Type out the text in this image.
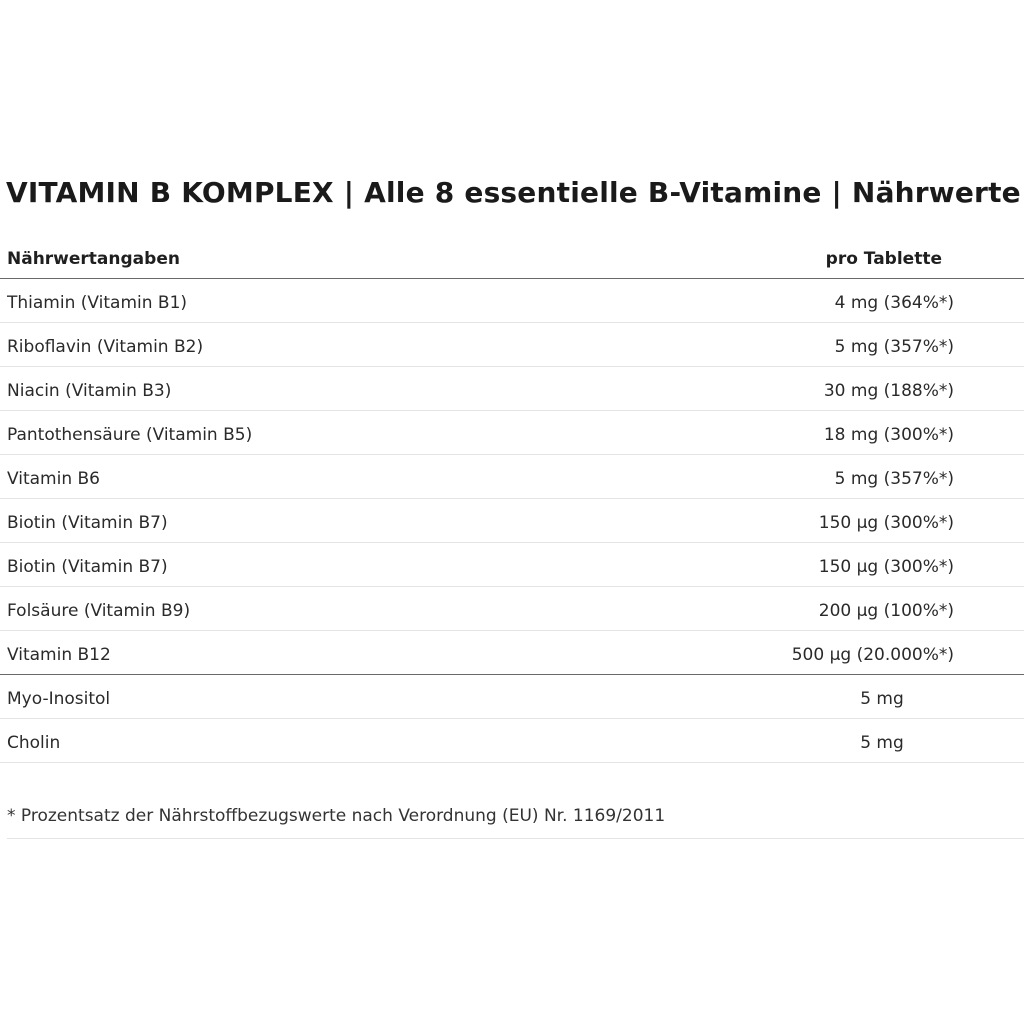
VITAMIN B KOMPLEX | Alle 8 essentielle B-Vitamine | Nährwerte
Nährwertangaben	pro Tablette
Thiamin (Vitamin B1)	4 mg (364%*)
Riboflavin (Vitamin B2)	5 mg (357%*)
Niacin (Vitamin B3)	30 mg (188%*)
Pantothensäure (Vitamin B5)	18 mg (300%*)
Vitamin B6	5 mg (357%*)
Biotin (Vitamin B7)	150 µg (300%*)
Biotin (Vitamin B7)	150 µg (300%*)
Folsäure (Vitamin B9)	200 µg (100%*)
Vitamin B12	500 µg (20.000%*)
Myo-Inositol	5 mg
Cholin	5 mg
* Prozentsatz der Nährstoffbezugswerte nach Verordnung (EU) Nr. 1169/2011
